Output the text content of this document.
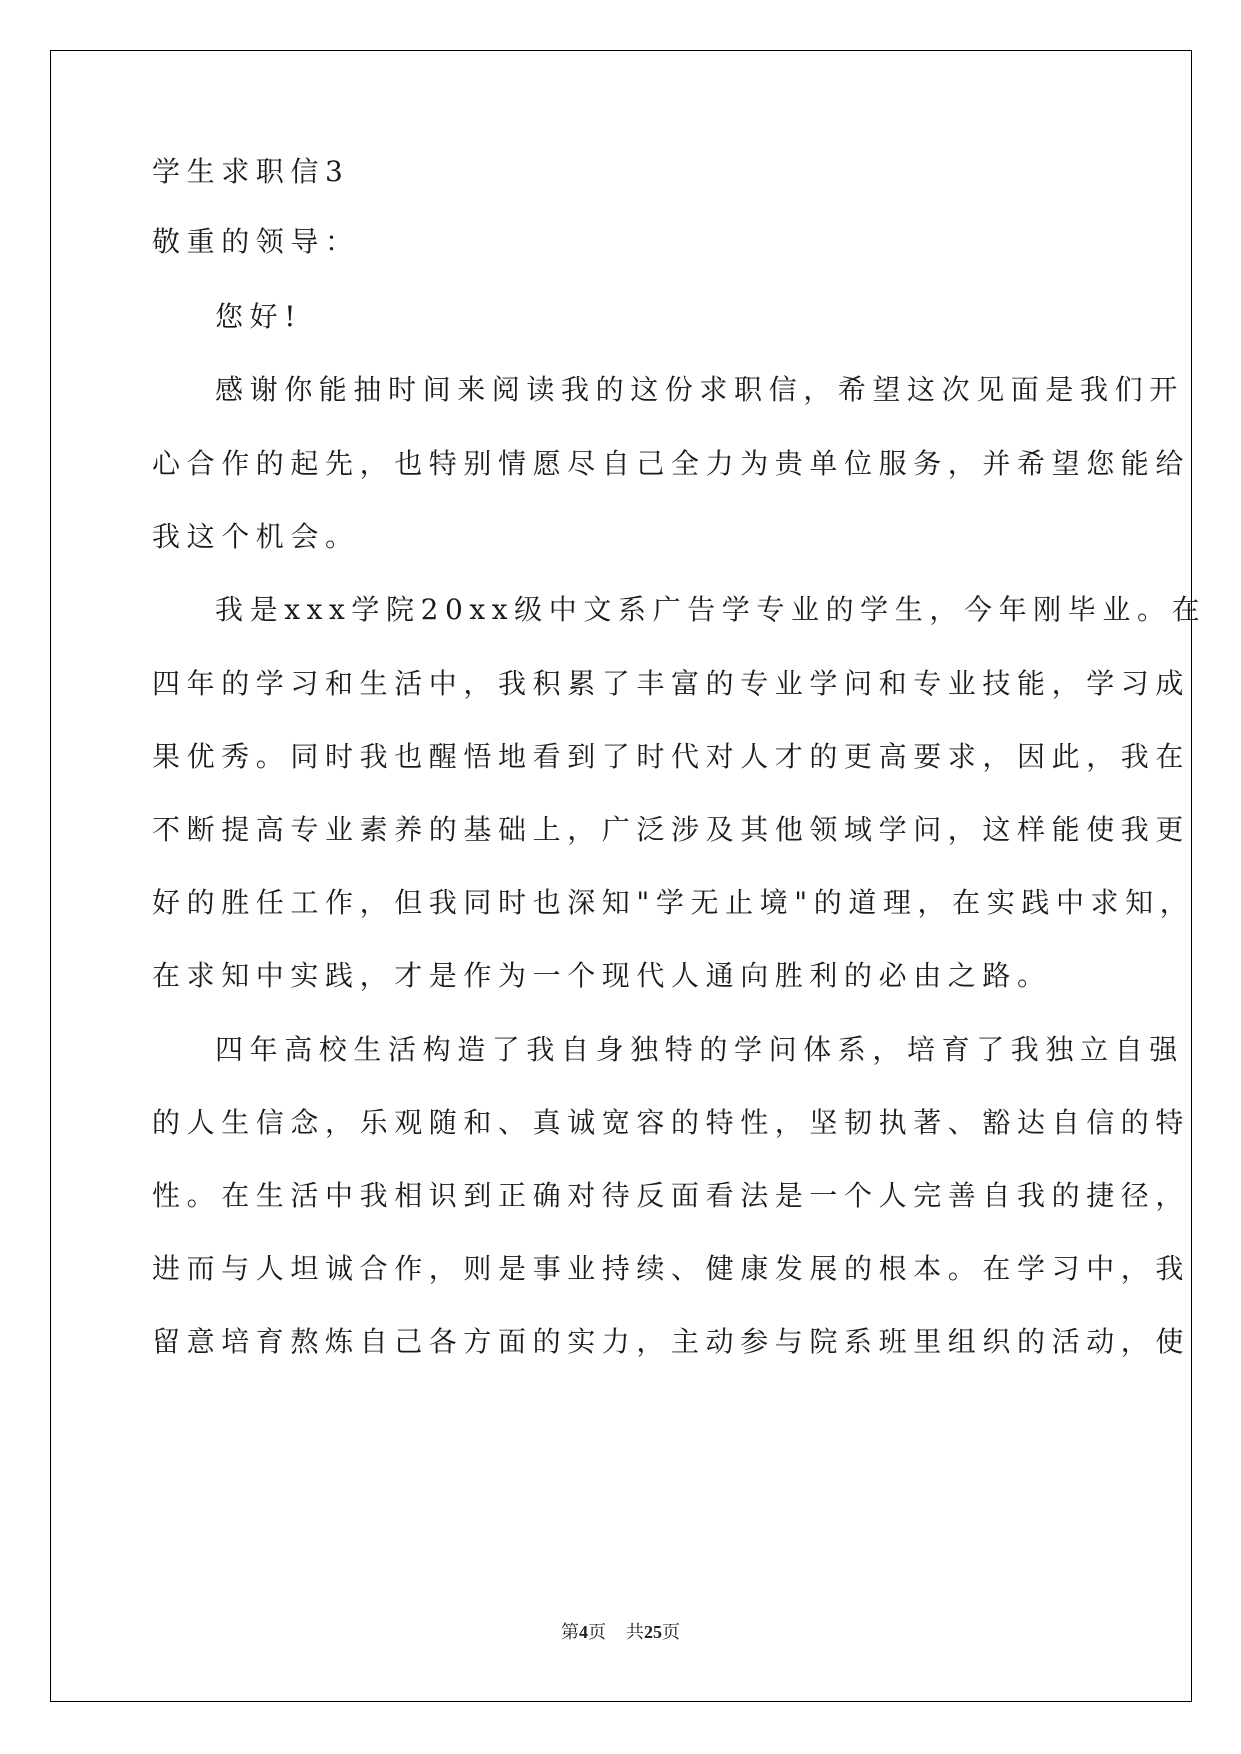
学生求职信3
敬重的领导：
您好!
感谢你能抽时间来阅读我的这份求职信，希望这次见面是我们开
心合作的起先，也特别情愿尽自己全力为贵单位服务，并希望您能给
我这个机会。
我是xxx学院20xx级中文系广告学专业的学生，今年刚毕业。在
四年的学习和生活中，我积累了丰富的专业学问和专业技能，学习成
果优秀。同时我也醒悟地看到了时代对人才的更高要求，因此，我在
不断提高专业素养的基础上，广泛涉及其他领域学问，这样能使我更
好的胜任工作，但我同时也深知"学无止境"的道理，在实践中求知，
在求知中实践，才是作为一个现代人通向胜利的必由之路。
四年高校生活构造了我自身独特的学问体系，培育了我独立自强
的人生信念，乐观随和、真诚宽容的特性，坚韧执著、豁达自信的特
性。在生活中我相识到正确对待反面看法是一个人完善自我的捷径，
进而与人坦诚合作，则是事业持续、健康发展的根本。在学习中，我
留意培育熬炼自己各方面的实力，主动参与院系班里组织的活动，使
第4页 共25页
